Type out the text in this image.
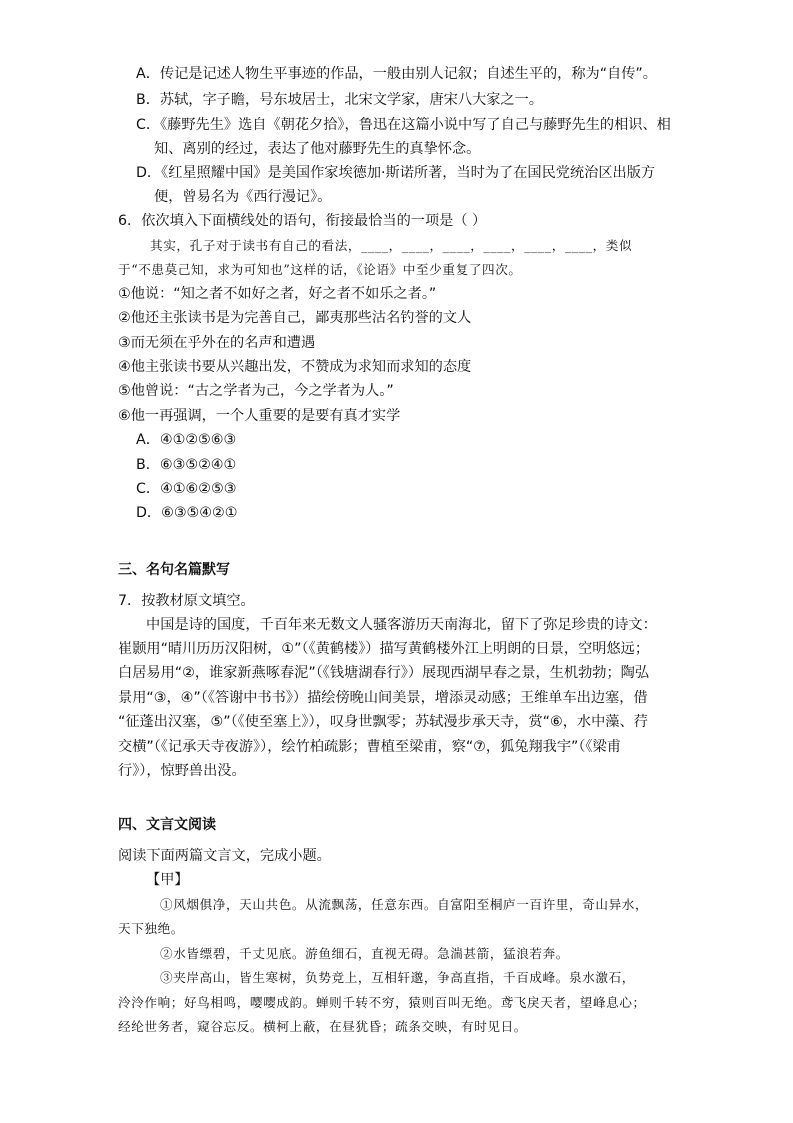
A．传记是记述人物生平事迹的作品，一般由别人记叙；自述生平的，称为“自传”。
B．苏轼，字子瞻，号东坡居士，北宋文学家，唐宋八大家之一。
C．《藤野先生》选自《朝花夕拾》，鲁迅在这篇小说中写了自己与藤野先生的相识、相
知、离别的经过，表达了他对藤野先生的真挚怀念。
D．《红星照耀中国》是美国作家埃德加·斯诺所著，当时为了在国民党统治区出版方
便，曾易名为《西行漫记》。
6．依次填入下面横线处的语句，衔接最恰当的一项是（ ）
其实，孔子对于读书有自己的看法，____，____，____，____，____，____，类似
于“不患莫己知，求为可知也”这样的话，《论语》中至少重复了四次。
①他说：“知之者不如好之者，好之者不如乐之者。”
②他还主张读书是为完善自己，鄙夷那些沽名钓誉的文人
③而无须在乎外在的名声和遭遇
④他主张读书要从兴趣出发，不赞成为求知而求知的态度
⑤他曾说：“古之学者为己，今之学者为人。”
⑥他一再强调，一个人重要的是要有真才实学
A．④①②⑤⑥③
B．⑥③⑤②④①
C．④①⑥②⑤③
D．⑥③⑤④②①
三、名句名篇默写
7．按教材原文填空。
中国是诗的国度，千百年来无数文人骚客游历天南海北，留下了弥足珍贵的诗文：
崔颢用“晴川历历汉阳树，①”（《黄鹤楼》）描写黄鹤楼外江上明朗的日景，空明悠远；
白居易用“②，谁家新燕啄春泥”（《钱塘湖春行》）展现西湖早春之景，生机勃勃；陶弘
景用“③，④”（《答谢中书书》）描绘傍晚山间美景，增添灵动感；王维单车出边塞，借
“征蓬出汉塞，⑤”（《使至塞上》），叹身世飘零；苏轼漫步承天寺，赏“⑥，水中藻、荇
交横”（《记承天寺夜游》），绘竹柏疏影；曹植至梁甫，察“⑦，狐兔翔我宇”（《梁甫
行》），惊野兽出没。
四、文言文阅读
阅读下面两篇文言文，完成小题。
【甲】
①风烟俱净，天山共色。从流飘荡，任意东西。自富阳至桐庐一百许里，奇山异水，
天下独绝。
②水皆缥碧，千丈见底。游鱼细石，直视无碍。急湍甚箭，猛浪若奔。
③夹岸高山，皆生寒树，负势竞上，互相轩邈，争高直指，千百成峰。泉水激石，
泠泠作响；好鸟相鸣，嘤嘤成韵。蝉则千转不穷，猿则百叫无绝。鸢飞戾天者，望峰息心；
经纶世务者，窥谷忘反。横柯上蔽，在昼犹昏；疏条交映，有时见日。
